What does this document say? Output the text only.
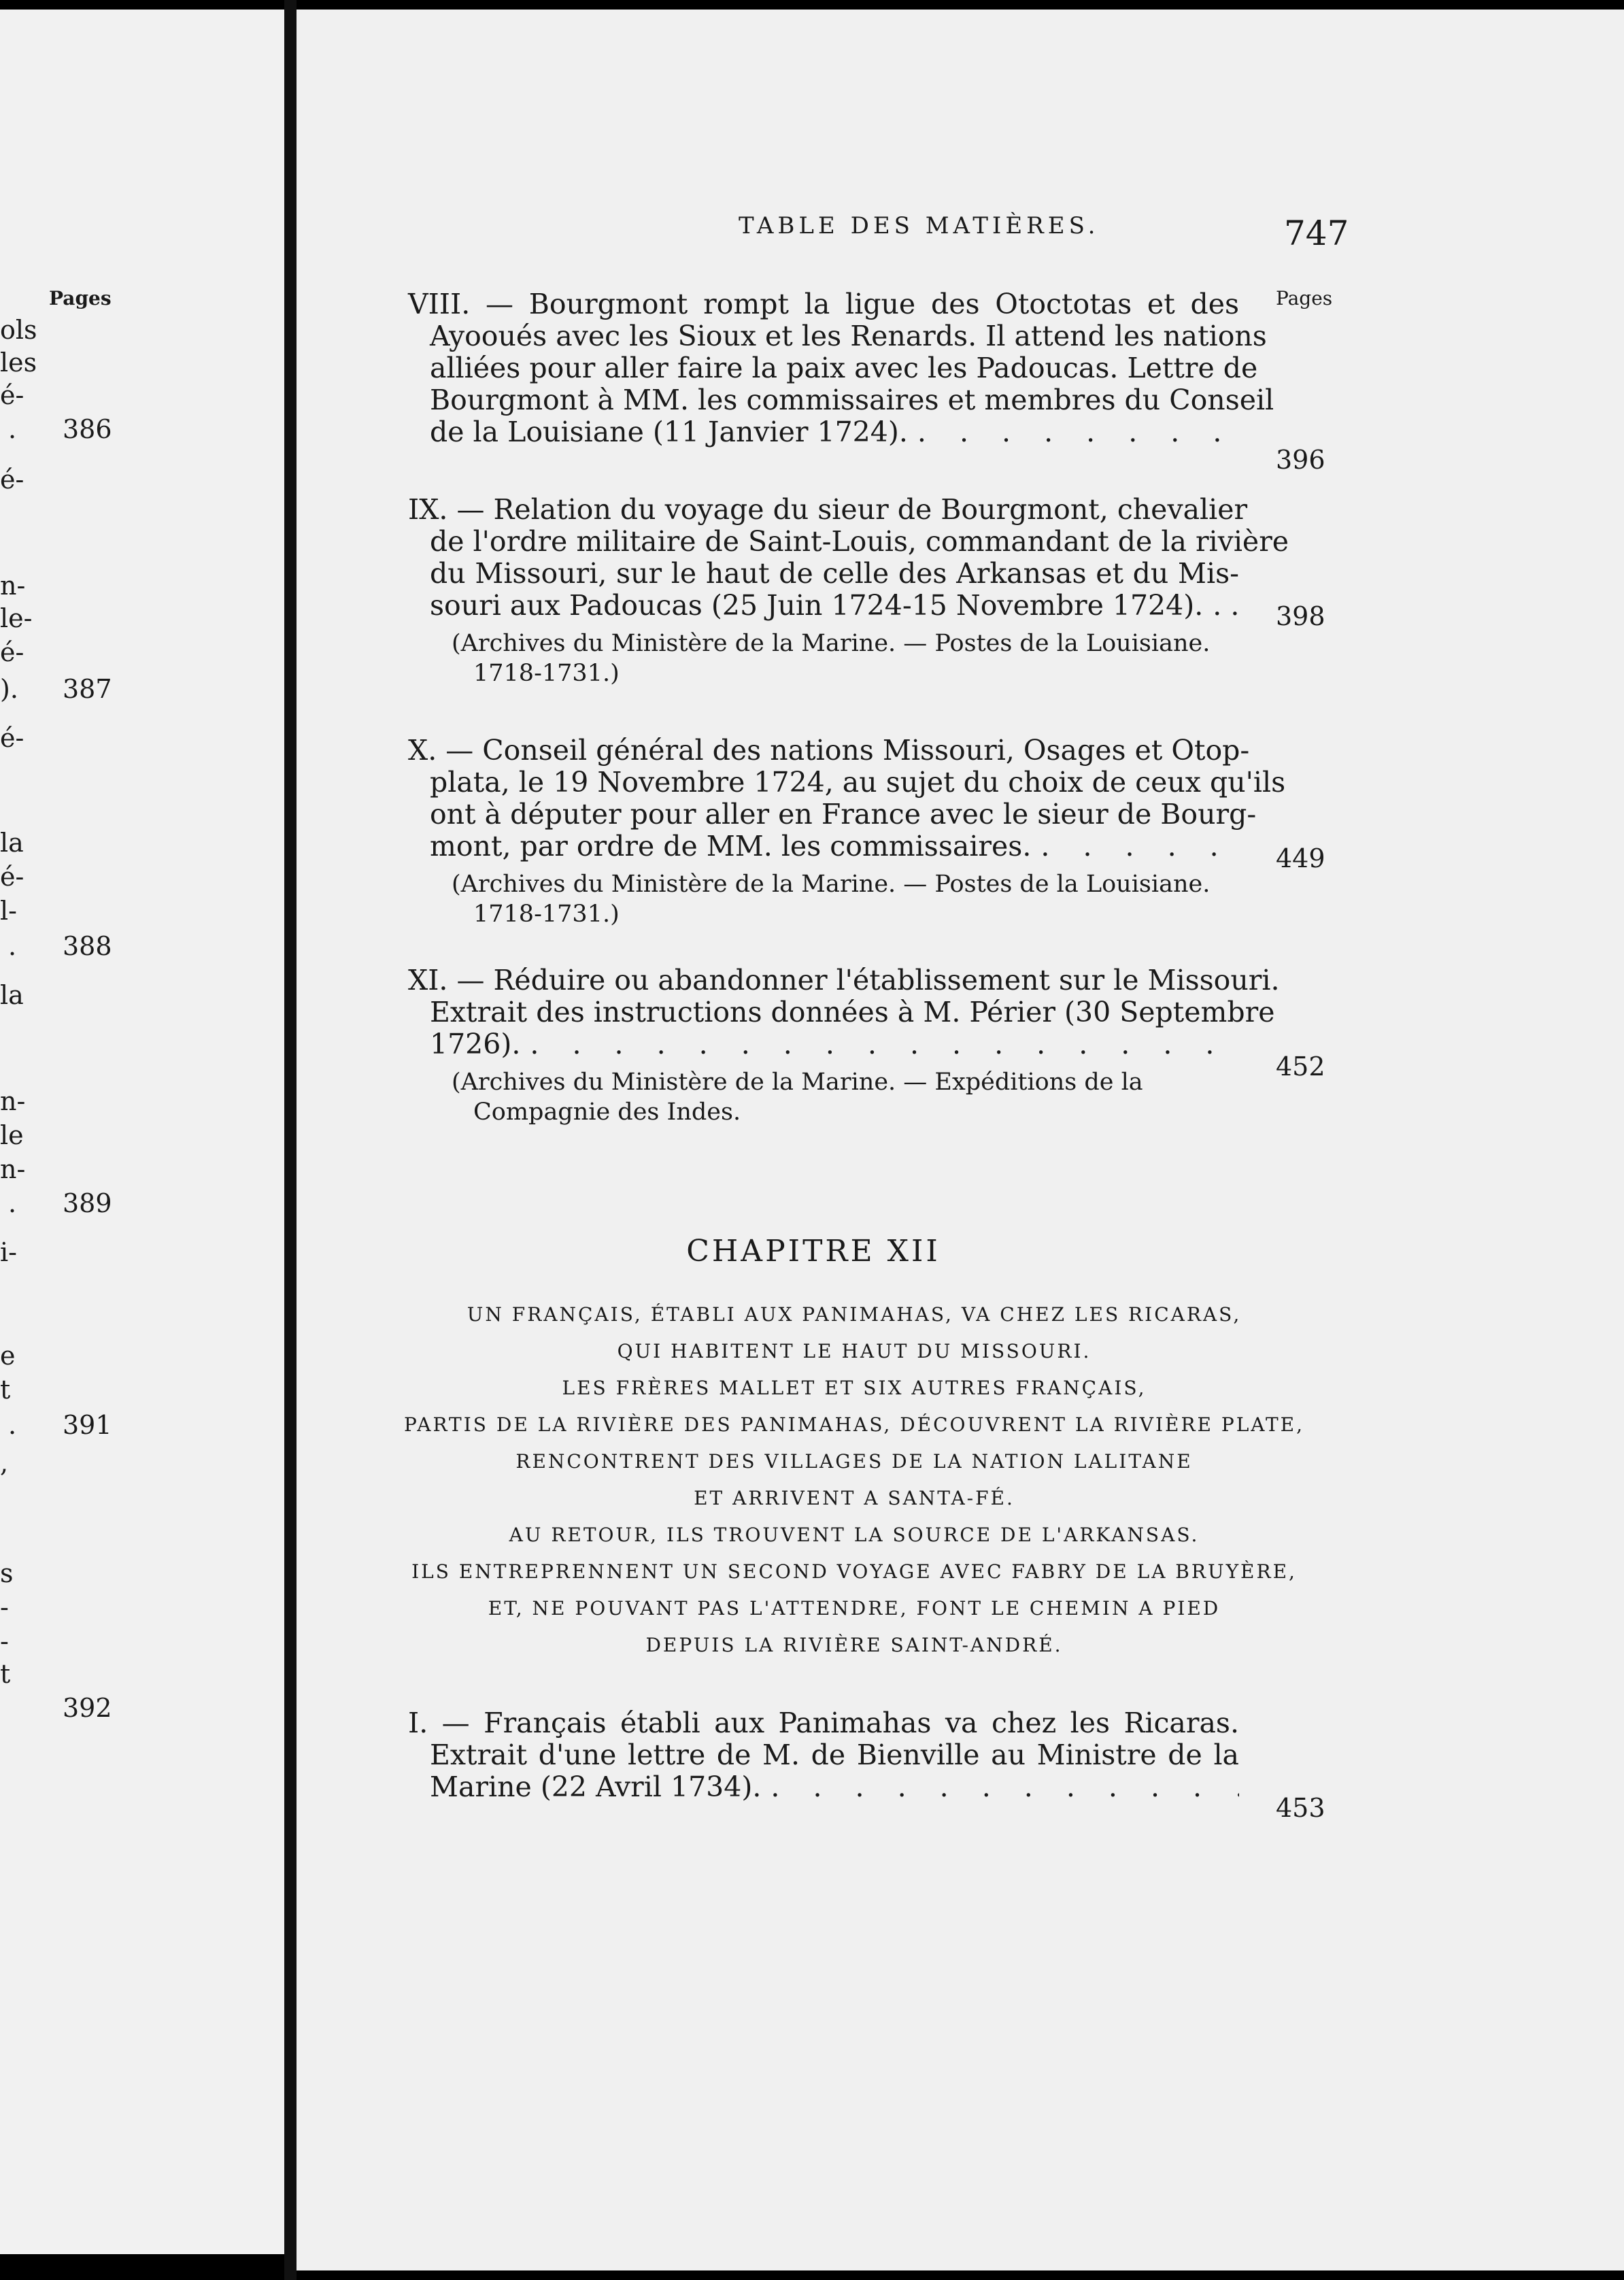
Pages
ols
les
é-
.
é-
n-
le-
é-
).
é-
la
é-
l-
.
la
n-
le
n-
.
i-
e
t
.
,
s
-
-
t
386
387
388
389
391
392
TABLE DES MATIÈRES.	747
Pages

VIII. — Bourgmont rompt la ligue des Otoctotas et des

Ayooués avec les Sioux et les Renards. Il attend les nations

alliées pour aller faire la paix avec les Padoucas. Lettre de

Bourgmont à MM. les commissaires et membres du Conseil

de la Louisiane (11 Janvier 1724).
. . .
396

IX. — Relation du voyage du sieur de Bourgmont, chevalier

de l'ordre militaire de Saint-Louis, commandant de la rivière

du Missouri, sur le haut de celle des Arkansas et du Mis-

souri aux Padoucas (25 Juin 1724-15 Novembre 1724).
. . .

(Archives du Ministère de la Marine. — Postes de la Louisiane.

1718-1731.)

398

X. — Conseil général des nations Missouri, Osages et Otop-

plata, le 19 Novembre 1724, au sujet du choix de ceux qu'ils

ont à députer pour aller en France avec le sieur de Bourg-

mont, par ordre de MM. les commissaires.
. . .

(Archives du Ministère de la Marine. — Postes de la Louisiane.

1718-1731.)

449

XI. — Réduire ou abandonner l'établissement sur le Missouri.

Extrait des instructions données à M. Périer (30 Septembre

1726).
. . .

(Archives du Ministère de la Marine. — Expéditions de la

Compagnie des Indes.

452
CHAPITRE XII

UN FRANÇAIS, ÉTABLI AUX PANIMAHAS, VA CHEZ LES RICARAS,

QUI HABITENT LE HAUT DU MISSOURI.

LES FRÈRES MALLET ET SIX AUTRES FRANÇAIS,

PARTIS DE LA RIVIÈRE DES PANIMAHAS, DÉCOUVRENT LA RIVIÈRE PLATE,

RENCONTRENT DES VILLAGES DE LA NATION LALITANE

ET ARRIVENT A SANTA-FÉ.

AU RETOUR, ILS TROUVENT LA SOURCE DE L'ARKANSAS.

ILS ENTREPRENNENT UN SECOND VOYAGE AVEC FABRY DE LA BRUYÈRE,

ET, NE POUVANT PAS L'ATTENDRE, FONT LE CHEMIN A PIED

DEPUIS LA RIVIÈRE SAINT-ANDRÉ.

I. — Français établi aux Panimahas va chez les Ricaras.

Extrait d'une lettre de M. de Bienville au Ministre de la

Marine (22 Avril 1734).
. . .
453
